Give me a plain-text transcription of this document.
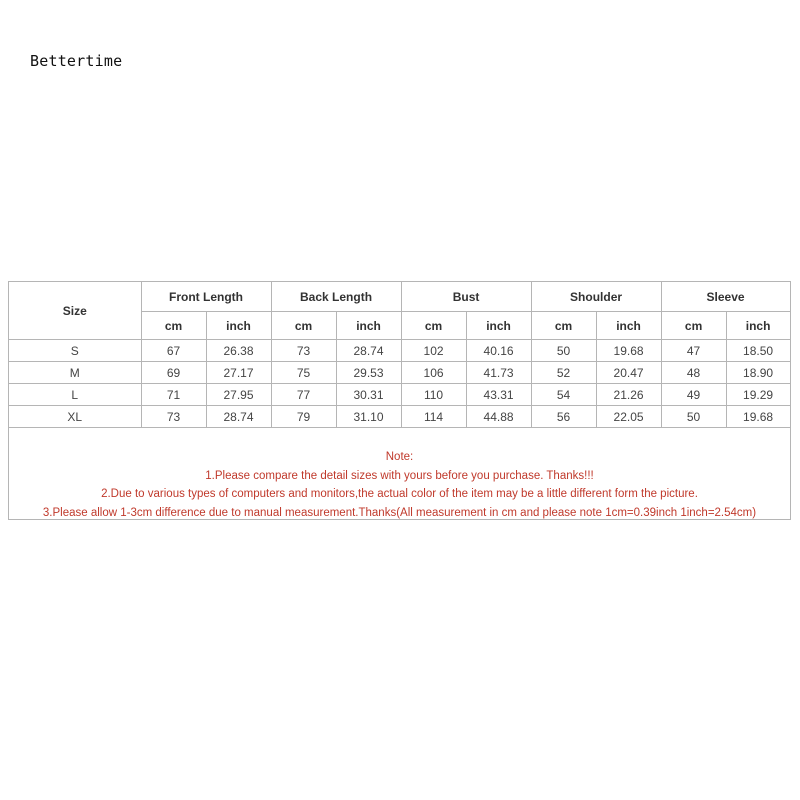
Bettertime
Size	Front Length		Back Length		Bust		Shoulder		Sleeve	
	cm	inch	cm	inch	cm	inch	cm	inch	cm	inch
S	67	26.38	73	28.74	102	40.16	50	19.68	47	18.50
M	69	27.17	75	29.53	106	41.73	52	20.47	48	18.90
L	71	27.95	77	30.31	110	43.31	54	21.26	49	19.29
XL	73	28.74	79	31.10	114	44.88	56	22.05	50	19.68
Note:
1.Please compare the detail sizes with yours before you purchase. Thanks!!!
2.Due to various types of computers and monitors,the actual color of the item may be a little different form the picture.
3.Please allow 1-3cm difference due to manual measurement.Thanks(All measurement in cm and please note 1cm=0.39inch 1inch=2.54cm)
